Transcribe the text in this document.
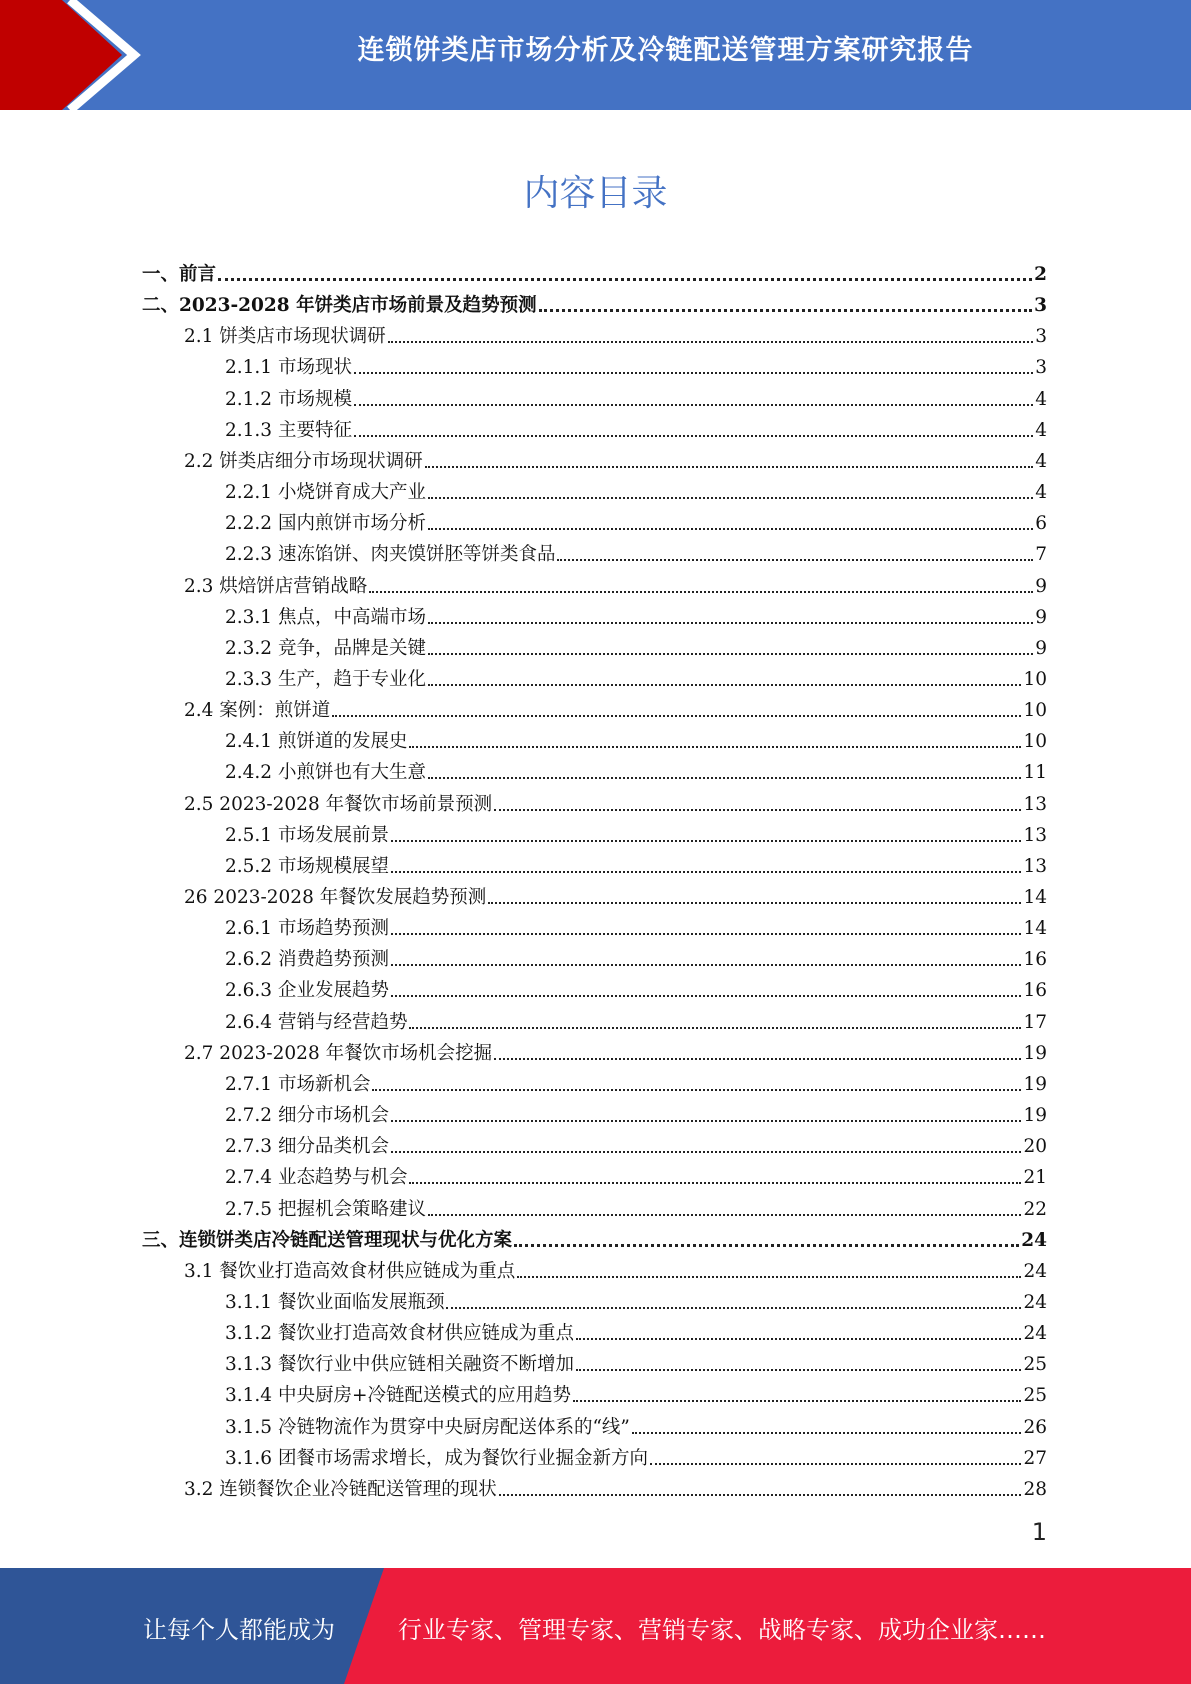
连锁饼类店市场分析及冷链配送管理方案研究报告
内容目录
一、前言	2
二、2023-2028 年饼类店市场前景及趋势预测	3
2.1 饼类店市场现状调研	3
2.1.1 市场现状	3
2.1.2 市场规模	4
2.1.3 主要特征	4
2.2 饼类店细分市场现状调研	4
2.2.1 小烧饼育成大产业	4
2.2.2 国内煎饼市场分析	6
2.2.3 速冻馅饼、肉夹馍饼胚等饼类食品	7
2.3 烘焙饼店营销战略	9
2.3.1 焦点，中高端市场	9
2.3.2 竞争，品牌是关键	9
2.3.3 生产，趋于专业化	10
2.4 案例：煎饼道	10
2.4.1 煎饼道的发展史	10
2.4.2 小煎饼也有大生意	11
2.5 2023-2028 年餐饮市场前景预测	13
2.5.1 市场发展前景	13
2.5.2 市场规模展望	13
26 2023-2028 年餐饮发展趋势预测	14
2.6.1 市场趋势预测	14
2.6.2 消费趋势预测	16
2.6.3 企业发展趋势	16
2.6.4 营销与经营趋势	17
2.7 2023-2028 年餐饮市场机会挖掘	19
2.7.1 市场新机会	19
2.7.2 细分市场机会	19
2.7.3 细分品类机会	20
2.7.4 业态趋势与机会	21
2.7.5 把握机会策略建议	22
三、连锁饼类店冷链配送管理现状与优化方案	24
3.1 餐饮业打造高效食材供应链成为重点	24
3.1.1 餐饮业面临发展瓶颈	24
3.1.2 餐饮业打造高效食材供应链成为重点	24
3.1.3 餐饮行业中供应链相关融资不断增加	25
3.1.4 中央厨房+冷链配送模式的应用趋势	25
3.1.5 冷链物流作为贯穿中央厨房配送体系的“线”	26
3.1.6 团餐市场需求增长，成为餐饮行业掘金新方向	27
3.2 连锁餐饮企业冷链配送管理的现状	28
1
让每个人都能成为	行业专家、管理专家、营销专家、战略专家、成功企业家……
